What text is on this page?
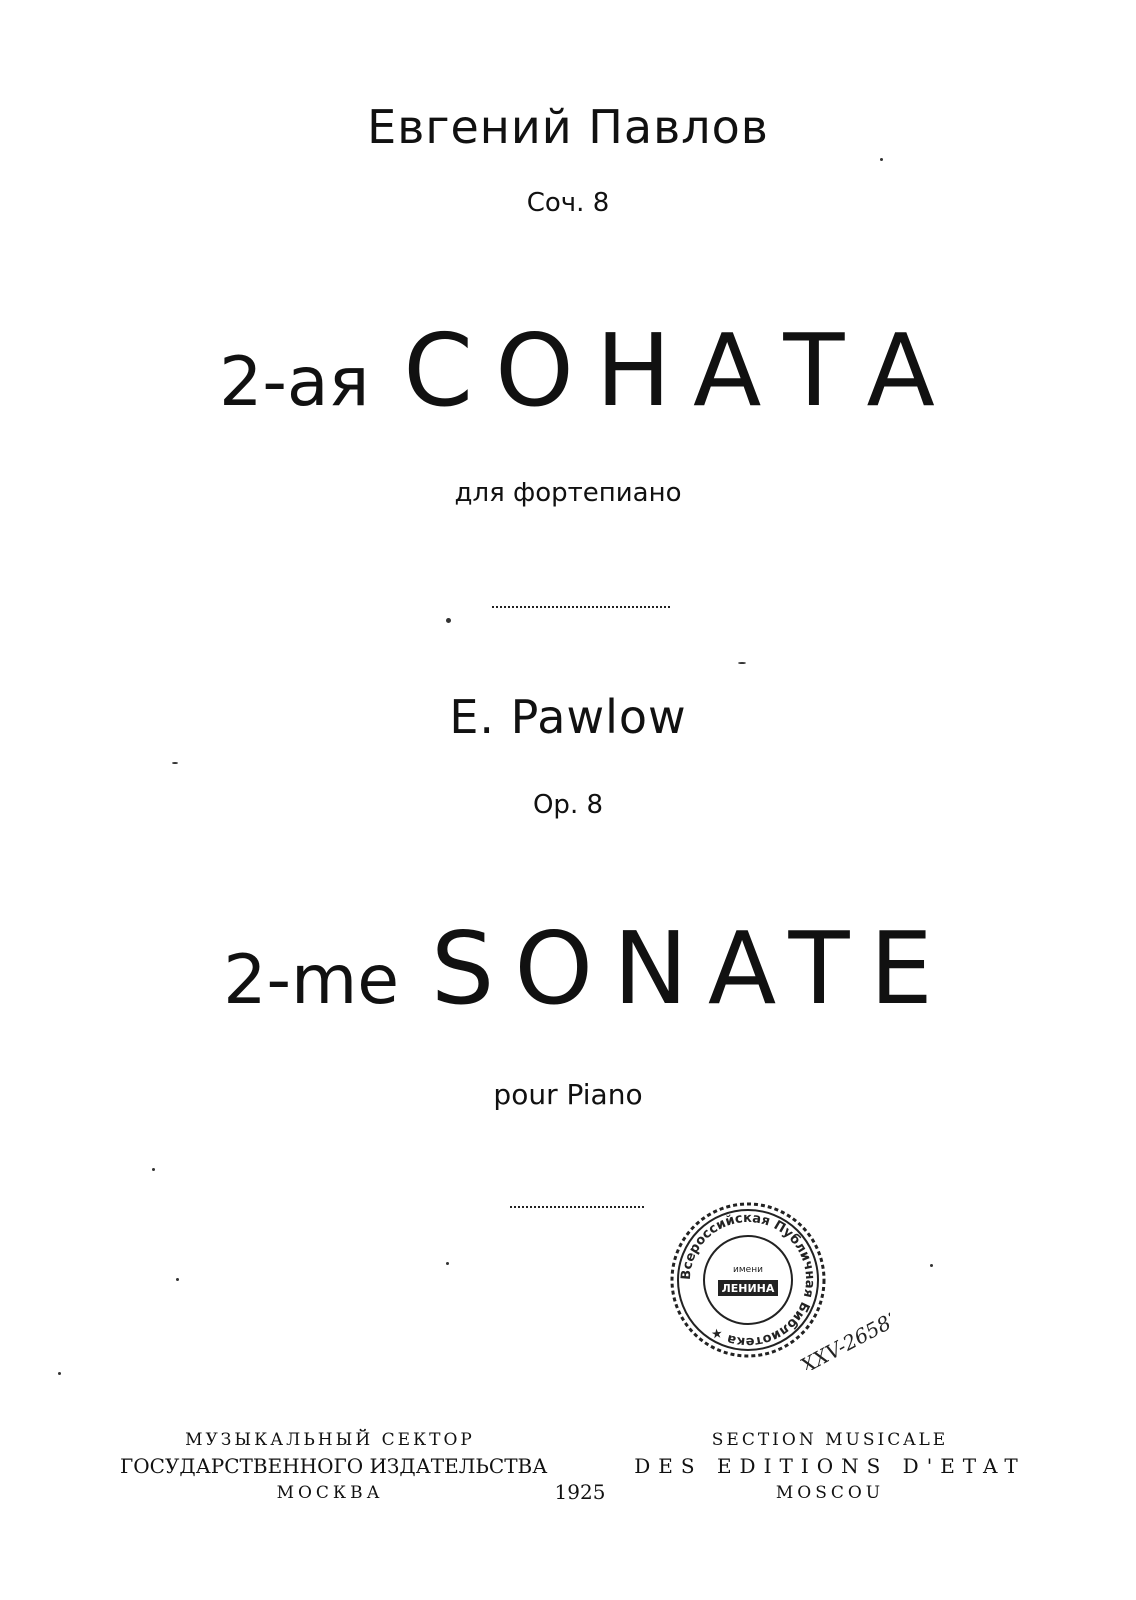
Евгений Павлов
Соч. 8
2-ая СОНАТА
для фортепиано
E. Pawlow
Op. 8
2-me SONATE
pour Piano
Всероссийская Публичная Библиотека ★
имени
ЛЕНИНА
XXV-26582
МУЗЫКАЛЬНЫЙ СЕКТОР
ГОСУДАРСТВЕННОГО ИЗДАТЕЛЬСТВА
МОСКВА	1925
SECTION MUSICALE
DES EDITIONS D'ETAT
MOSCOU
